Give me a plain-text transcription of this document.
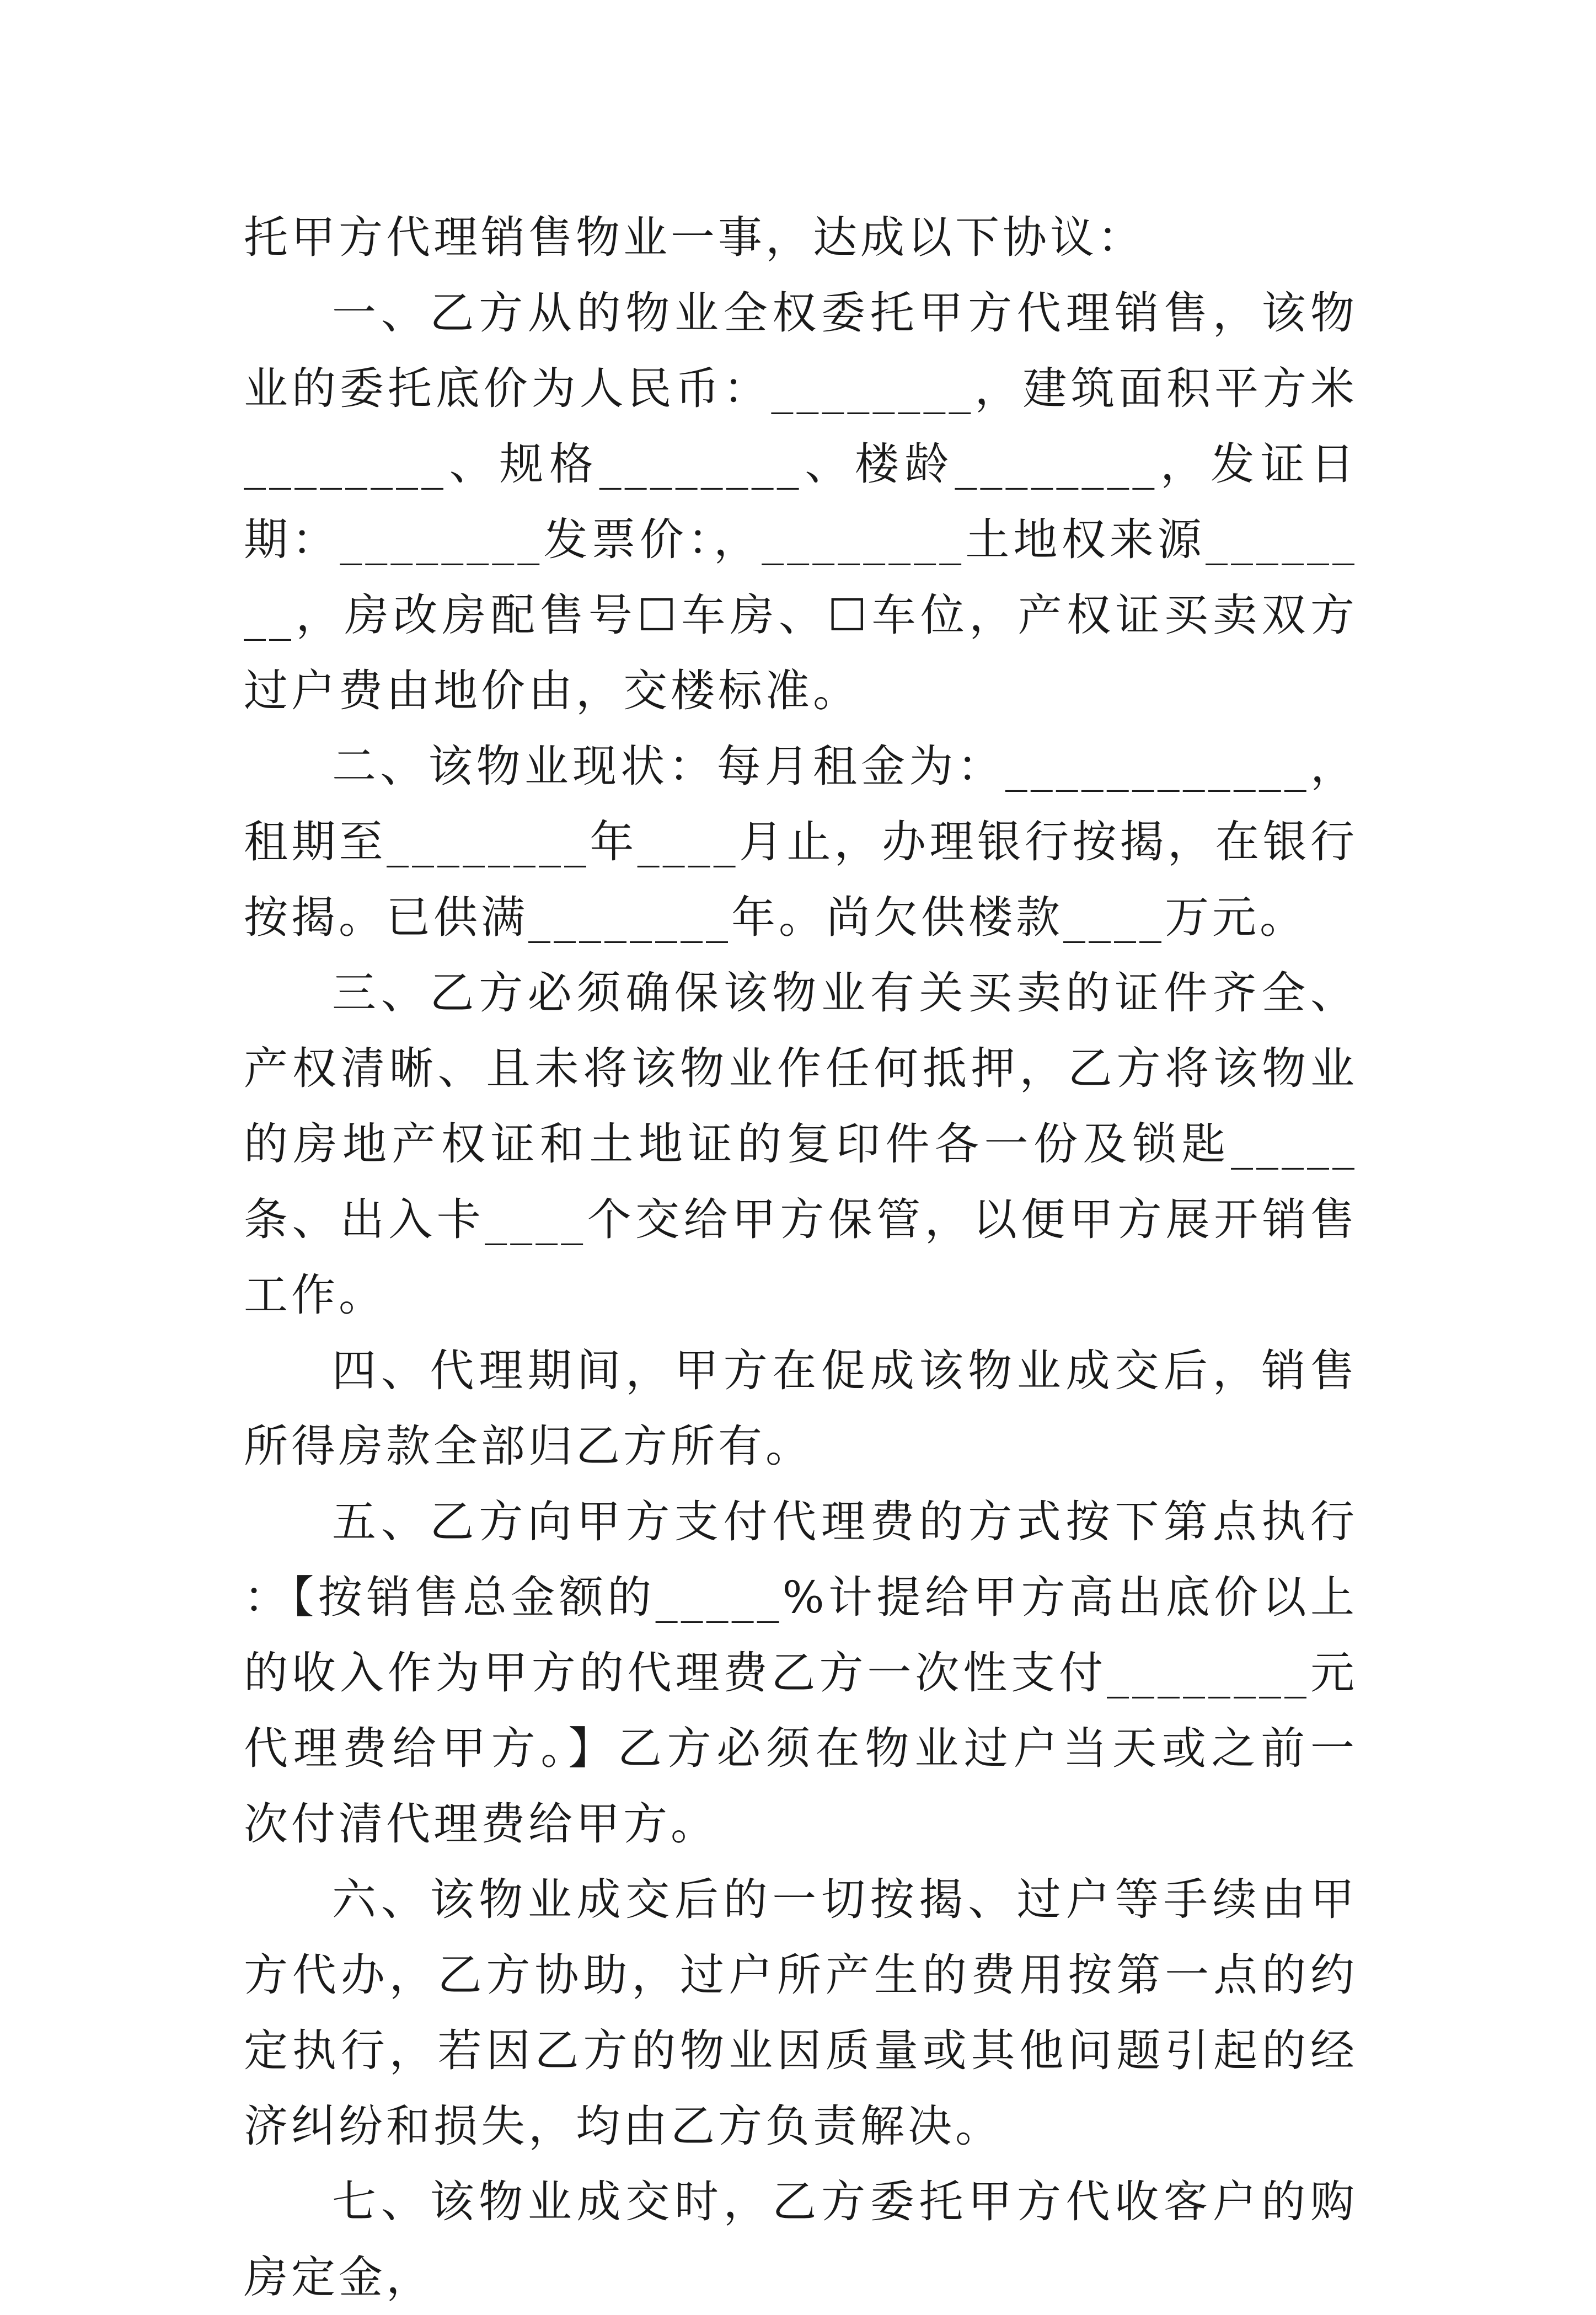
托甲方代理销售物业一事，达成以下协议：

一、乙方从的物业全权委托甲方代理销售，该物业的委托底价为人民币：________，建筑面积平方米________、规格________、楼龄________，发证日期：________发票价：，________土地权来源________，房改房配售号☐车房、☐车位，产权证买卖双方过户费由地价由，交楼标准。

二、该物业现状：每月租金为：____________，租期至________年____月止，办理银行按揭，在银行按揭。已供满________年。尚欠供楼款____万元。

三、乙方必须确保该物业有关买卖的证件齐全、产权清晰、且未将该物业作任何抵押，乙方将该物业的房地产权证和土地证的复印件各一份及锁匙_____条、出入卡____个交给甲方保管，以便甲方展开销售工作。

四、代理期间，甲方在促成该物业成交后，销售所得房款全部归乙方所有。

五、乙方向甲方支付代理费的方式按下第点执行：【按销售总金额的_____%计提给甲方高出底价以上的收入作为甲方的代理费乙方一次性支付________元代理费给甲方。】乙方必须在物业过户当天或之前一次付清代理费给甲方。

六、该物业成交后的一切按揭、过户等手续由甲方代办，乙方协助，过户所产生的费用按第一点的约定执行，若因乙方的物业因质量或其他问题引起的经济纠纷和损失，均由乙方负责解决。

七、该物业成交时，乙方委托甲方代收客户的购房定金，
